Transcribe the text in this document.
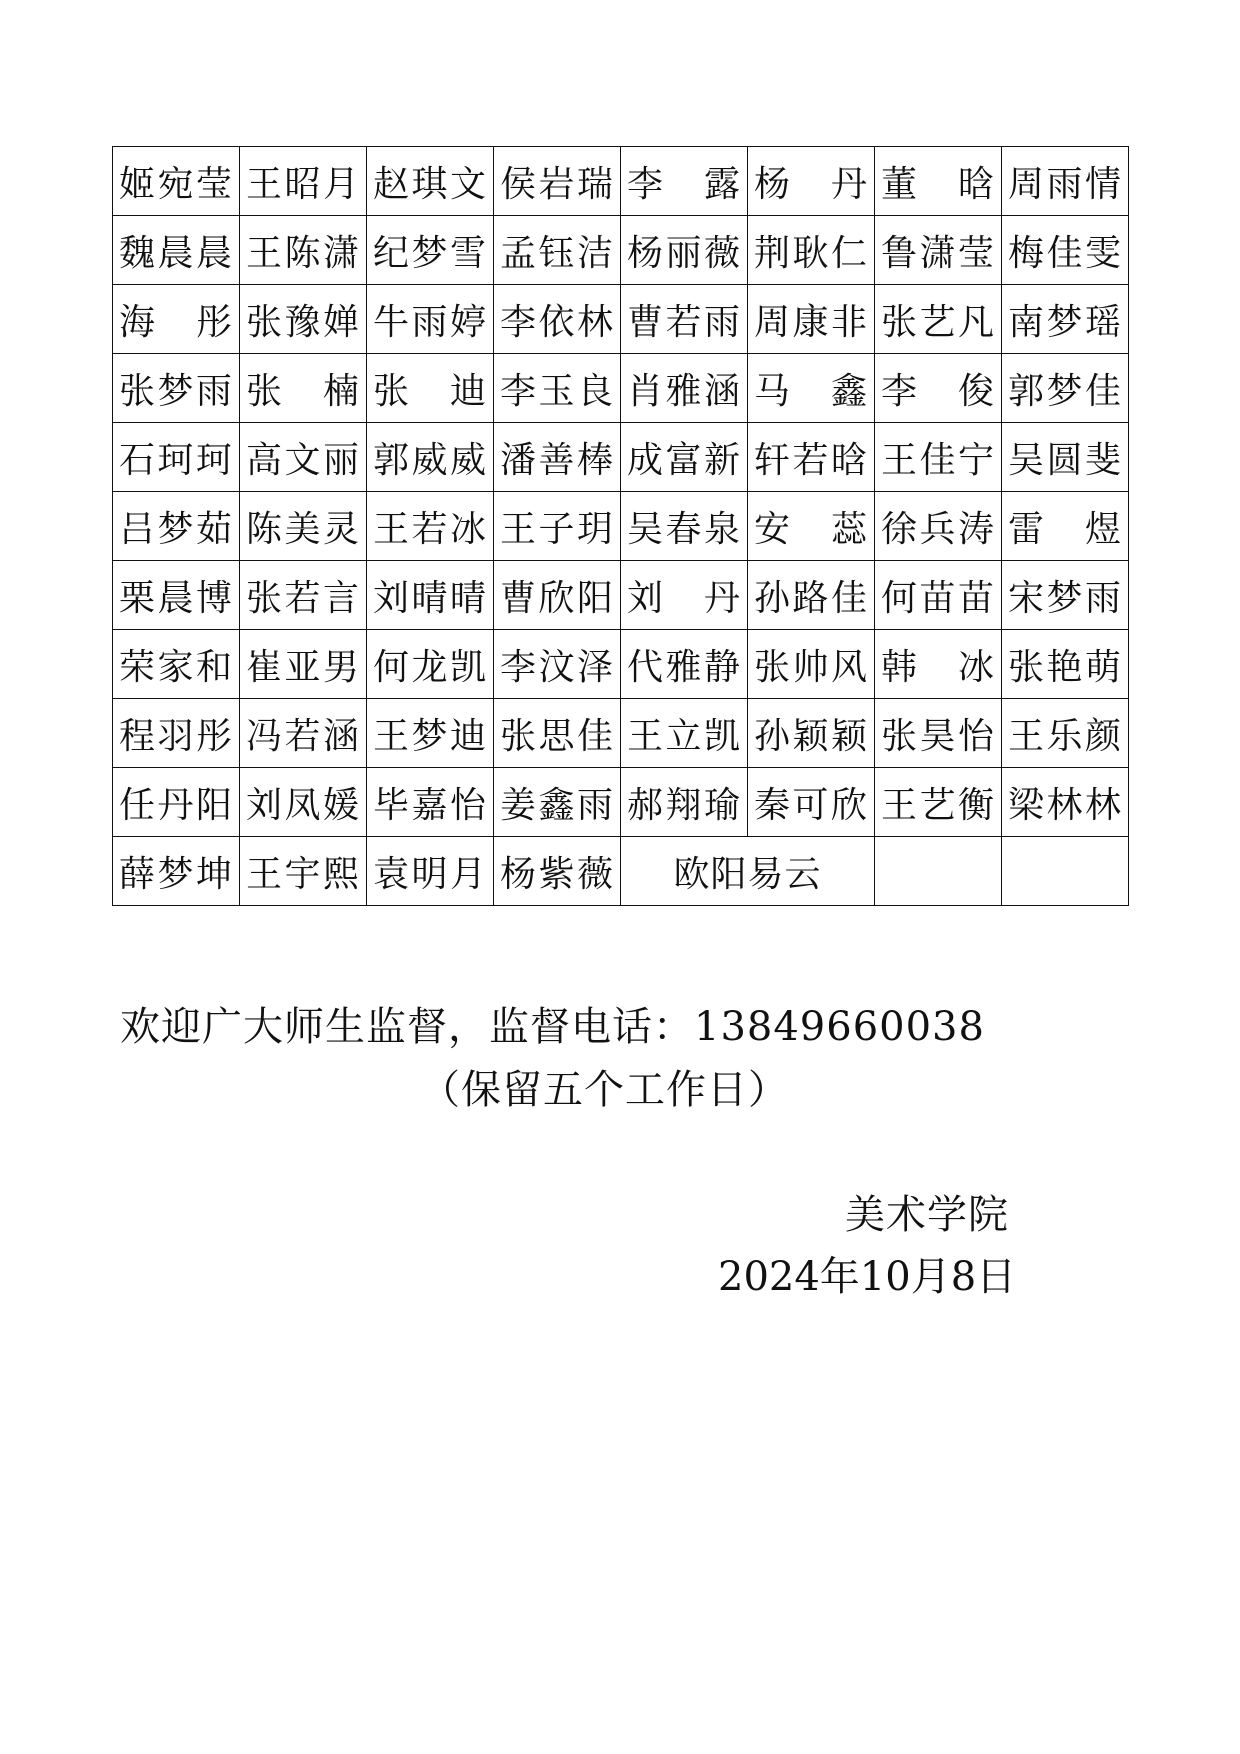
姬宛莹	王昭月	赵琪文	侯岩瑞	李 露	杨 丹	董 晗	周雨情
魏晨晨	王陈潇	纪梦雪	孟钰洁	杨丽薇	荆耿仁	鲁潇莹	梅佳雯
海 彤	张豫婵	牛雨婷	李依林	曹若雨	周康非	张艺凡	南梦瑶
张梦雨	张 楠	张 迪	李玉良	肖雅涵	马 鑫	李 俊	郭梦佳
石珂珂	高文丽	郭威威	潘善棒	成富新	轩若晗	王佳宁	吴圆斐
吕梦茹	陈美灵	王若冰	王子玥	吴春泉	安 蕊	徐兵涛	雷 煜
栗晨博	张若言	刘晴晴	曹欣阳	刘 丹	孙路佳	何苗苗	宋梦雨
荣家和	崔亚男	何龙凯	李汶泽	代雅静	张帅风	韩 冰	张艳萌
程羽彤	冯若涵	王梦迪	张思佳	王立凯	孙颖颖	张昊怡	王乐颜
任丹阳	刘凤媛	毕嘉怡	姜鑫雨	郝翔瑜	秦可欣	王艺衡	梁林林
薛梦坤	王宇熙	袁明月	杨紫薇	欧阳易云			
欢迎广大师生监督，监督电话：13849660038
（保留五个工作日）
美术学院
2024年10月8日
